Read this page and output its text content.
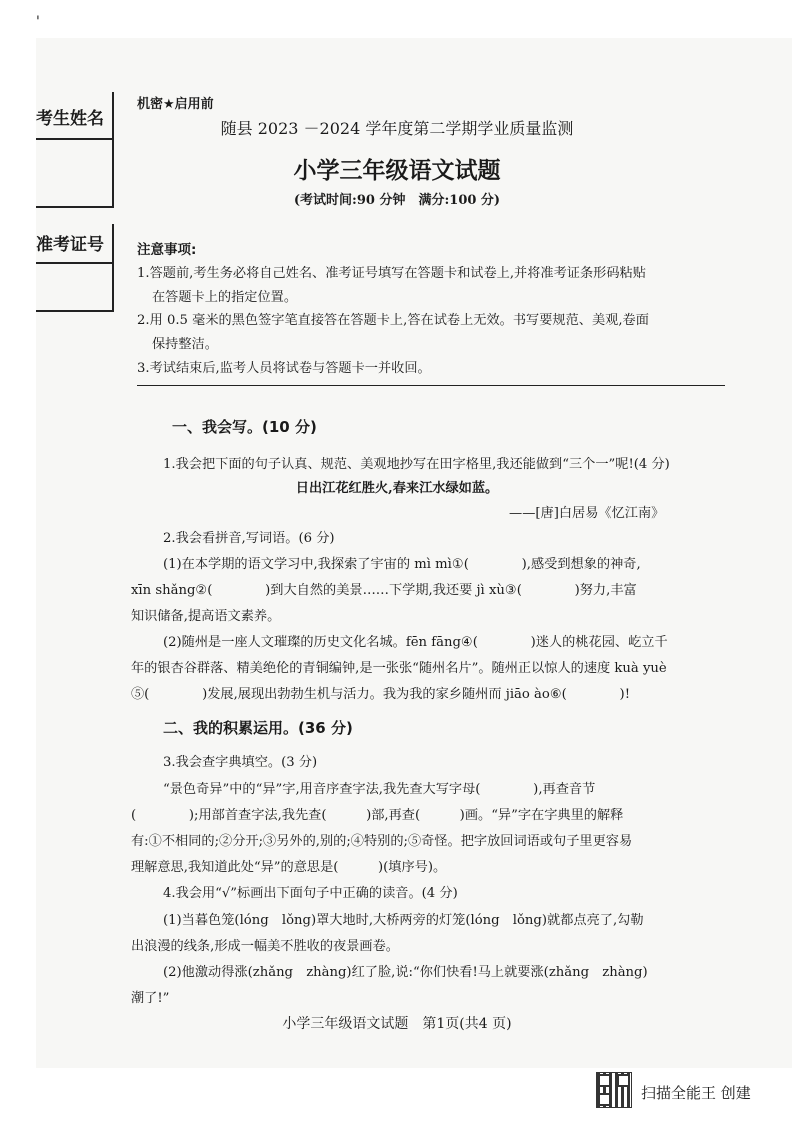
'
考生姓名
准考证号
机密★启用前
随县 2023 －2024 学年度第二学期学业质量监测
小学三年级语文试题
(考试时间:90 分钟　满分:100 分)
注意事项:
1.答题前,考生务必将自己姓名、准考证号填写在答题卡和试卷上,并将准考证条形码粘贴
在答题卡上的指定位置。
2.用 0.5 毫米的黑色签字笔直接答在答题卡上,答在试卷上无效。书写要规范、美观,卷面
保持整洁。
3.考试结束后,监考人员将试卷与答题卡一并收回。
一、我会写。(10 分)
1.我会把下面的句子认真、规范、美观地抄写在田字格里,我还能做到“三个一”呢!(4 分)
日出江花红胜火,春来江水绿如蓝。
——[唐]白居易《忆江南》
2.我会看拼音,写词语。(6 分)
(1)在本学期的语文学习中,我探索了宇宙的 mì mì①(　　　　),感受到想象的神奇,
xīn shǎng②(　　　　)到大自然的美景……下学期,我还要 jì xù③(　　　　)努力,丰富
知识储备,提高语文素养。
(2)随州是一座人文璀璨的历史文化名城。fēn fāng④(　　　　)迷人的桃花园、屹立千
年的银杏谷群落、精美绝伦的青铜编钟,是一张张“随州名片”。随州正以惊人的速度 kuà yuè
⑤(　　　　)发展,展现出勃勃生机与活力。我为我的家乡随州而 jiāo ào⑥(　　　　)!
二、我的积累运用。(36 分)
3.我会查字典填空。(3 分)
“景色奇异”中的“异”字,用音序查字法,我先查大写字母(　　　　),再查音节
(　　　　);用部首查字法,我先查(　　　)部,再查(　　　)画。“异”字在字典里的解释
有:①不相同的;②分开;③另外的,别的;④特别的;⑤奇怪。把字放回词语或句子里更容易
理解意思,我知道此处“异”的意思是(　　　)(填序号)。
4.我会用“√”标画出下面句子中正确的读音。(4 分)
(1)当暮色笼(lóng　lǒng)罩大地时,大桥两旁的灯笼(lóng　lǒng)就都点亮了,勾勒
出浪漫的线条,形成一幅美不胜收的夜景画卷。
(2)他激动得涨(zhǎng　zhàng)红了脸,说:“你们快看!马上就要涨(zhǎng　zhàng)
潮了!”
小学三年级语文试题　第1页(共4 页)
扫描全能王 创建
